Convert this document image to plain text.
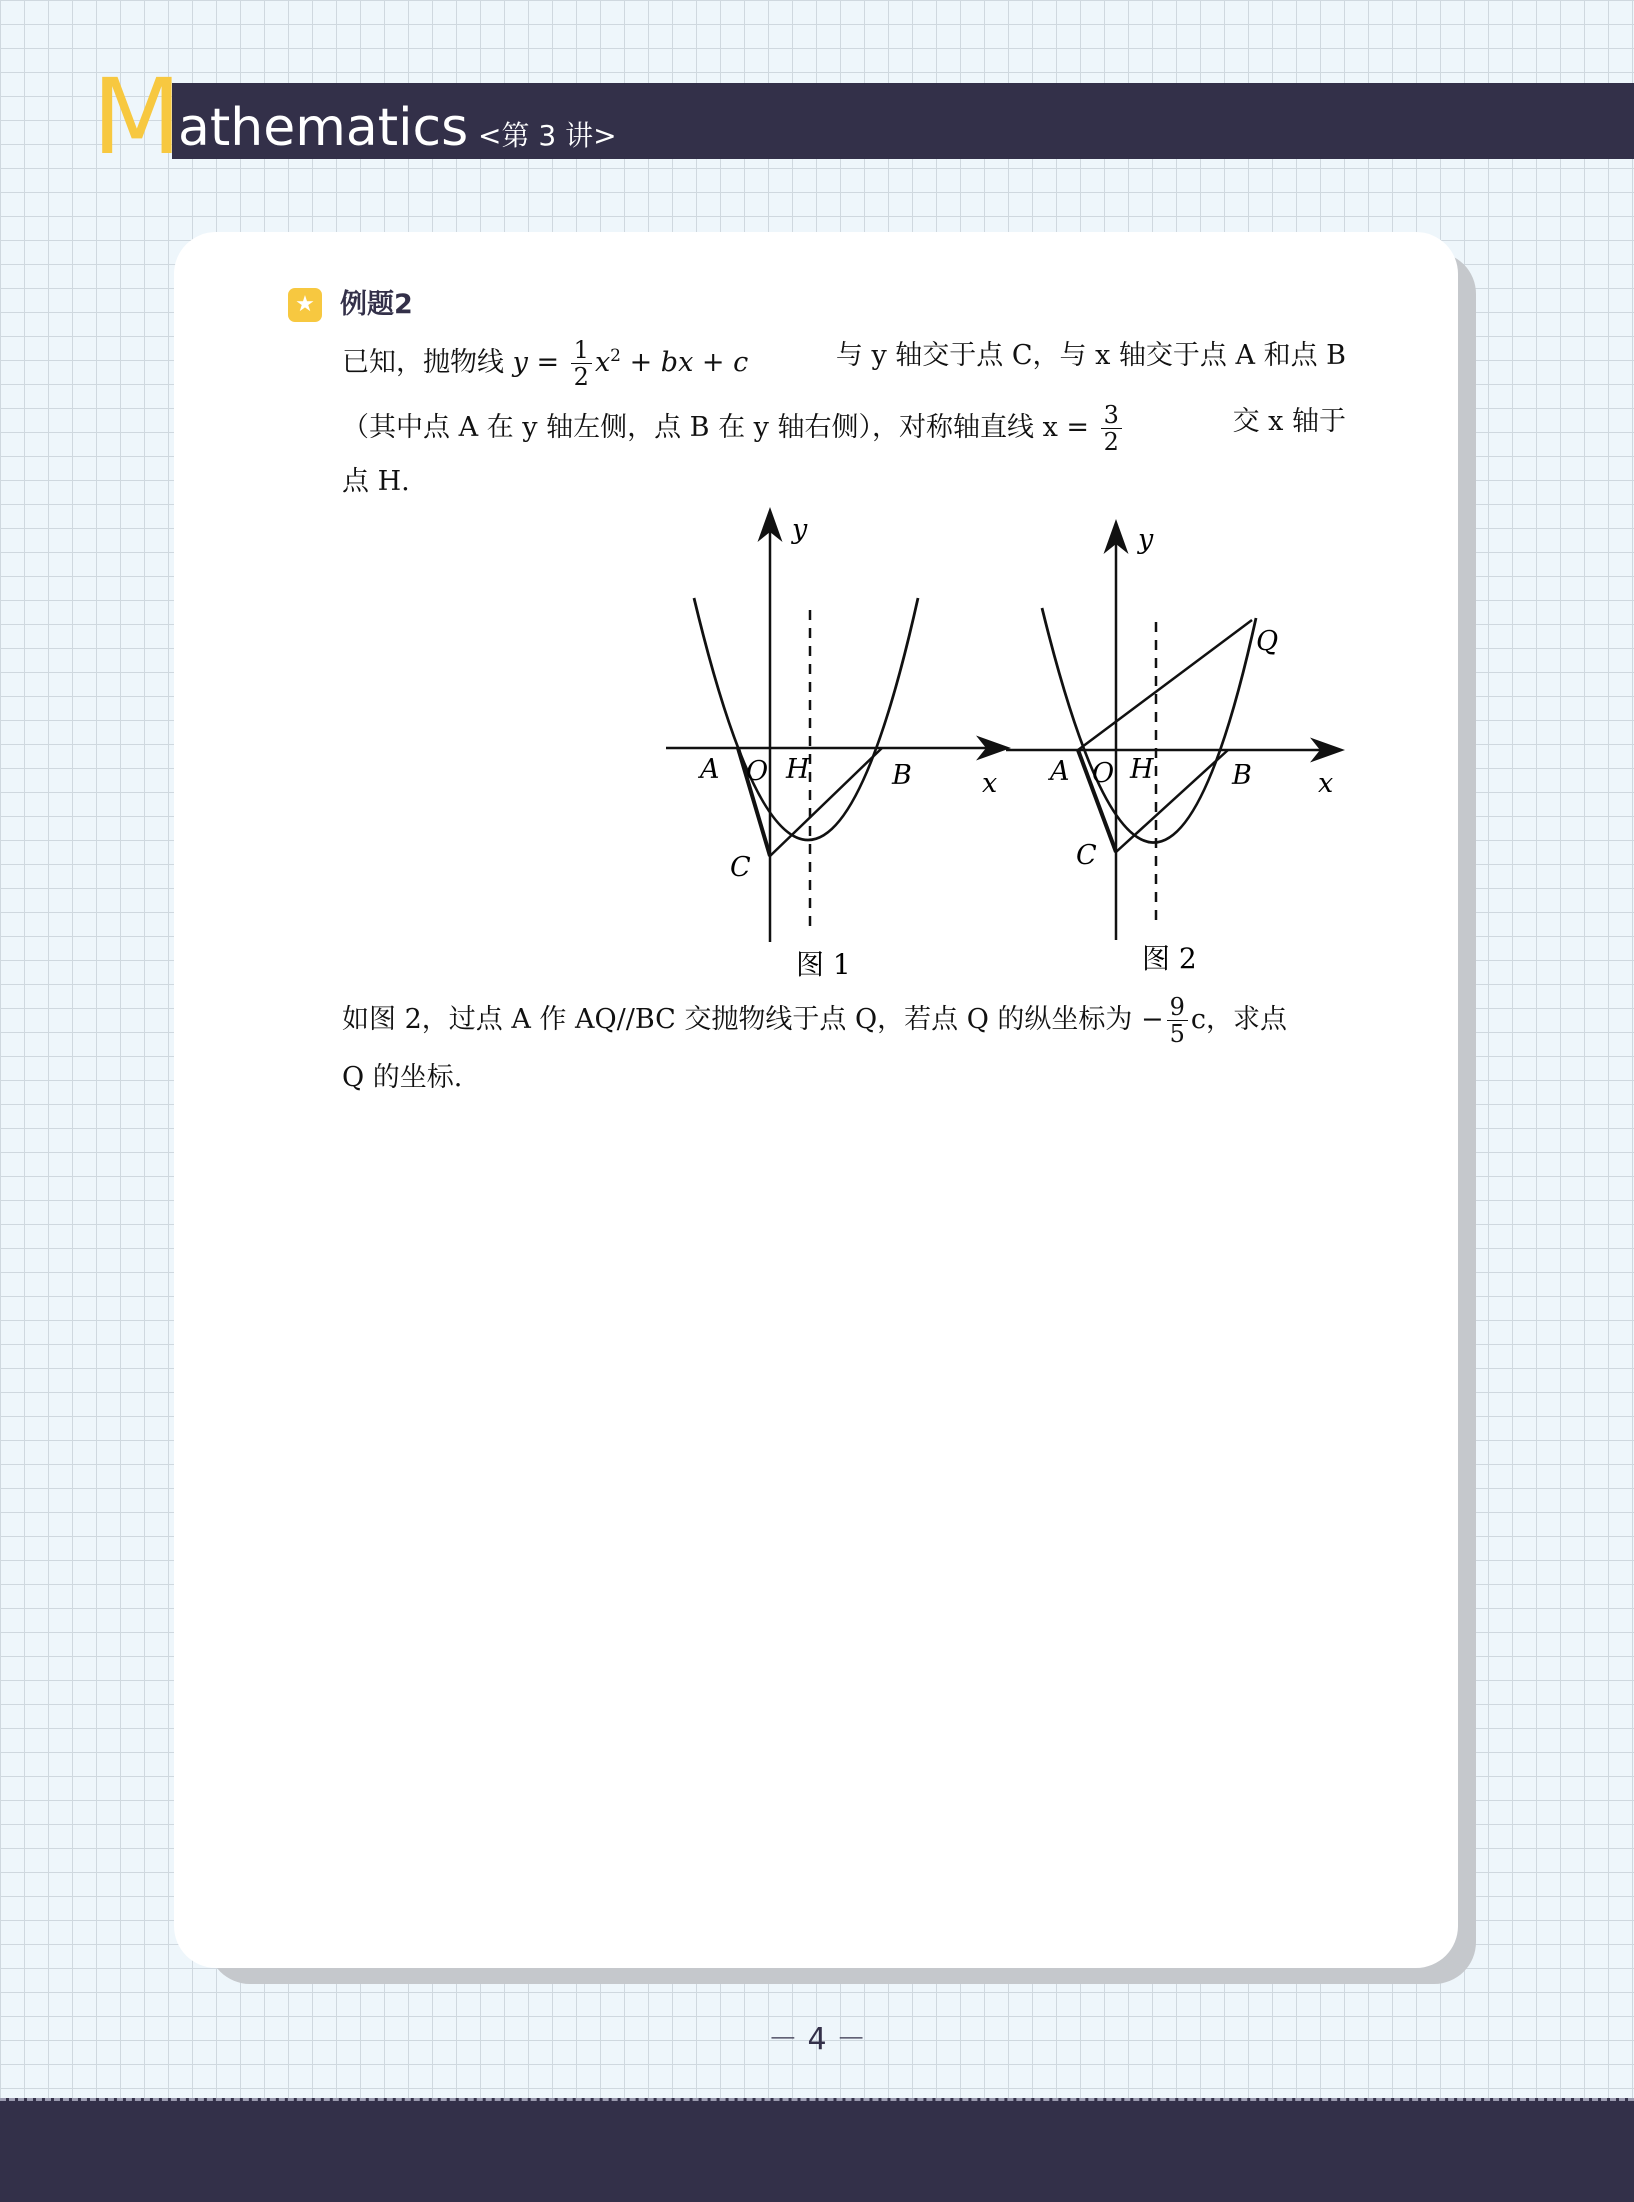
M
athematics <第 3 讲>
★ 例题2
已知，抛物线 $y = \frac{1}{2} x^2$ + bx + c	与 y 轴交于点 C，与 x 轴交于点 A 和点 B
（其中点 A 在 y 轴左侧，点 B 在 y 轴右侧），对称轴直线 $x = \frac{3}{2}$	交 x 轴于
点 H.
y
x
A O H	B
C
图 1
y
x
A O H	B
C
Q
图 2
如图 2，过点 A 作 AQ//BC 交抛物线于点 Q，若点 Q 的纵坐标为 − $\frac{9}{5}$ c，求点
Q 的坐标.
－ 4 －
